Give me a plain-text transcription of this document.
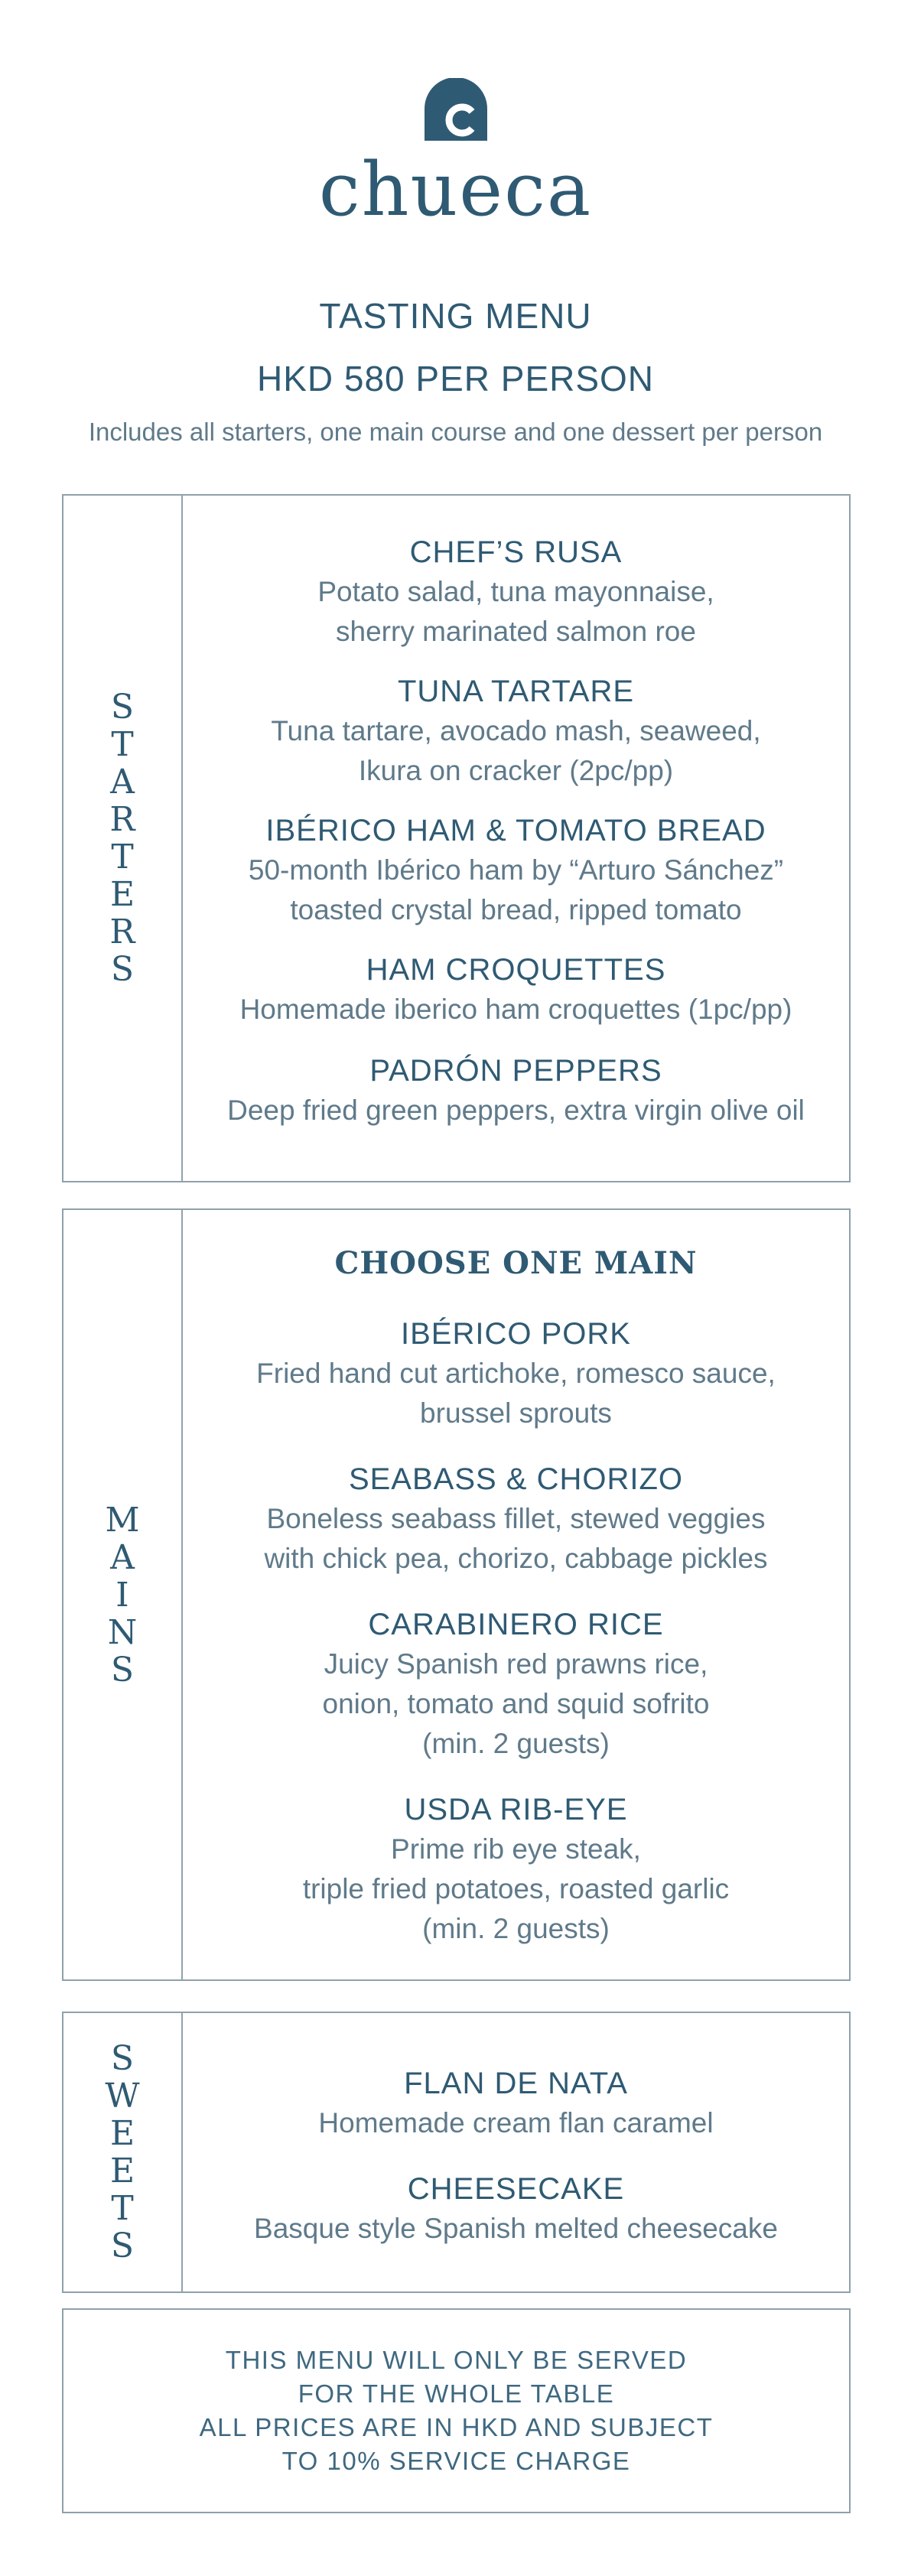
chueca
TASTING MENU
HKD 580 PER PERSON
Includes all starters, one main course and one dessert per person
S
T
A
R
T
E
R
S
CHEF’S RUSA
Potato salad, tuna mayonnaise,
sherry marinated salmon roe
TUNA TARTARE
Tuna tartare, avocado mash, seaweed,
Ikura on cracker (2pc/pp)
IBÉRICO HAM & TOMATO BREAD
50-month Ibérico ham by “Arturo Sánchez”
toasted crystal bread, ripped tomato
HAM CROQUETTES
Homemade iberico ham croquettes (1pc/pp)
PADRÓN PEPPERS
Deep fried green peppers, extra virgin olive oil
M
A
I
N
S
CHOOSE ONE MAIN
IBÉRICO PORK
Fried hand cut artichoke, romesco sauce,
brussel sprouts
SEABASS & CHORIZO
Boneless seabass fillet, stewed veggies
with chick pea, chorizo, cabbage pickles
CARABINERO RICE
Juicy Spanish red prawns rice,
onion, tomato and squid sofrito
(min. 2 guests)
USDA RIB-EYE
Prime rib eye steak,
triple fried potatoes, roasted garlic
(min. 2 guests)
S
W
E
E
T
S
FLAN DE NATA
Homemade cream flan caramel
CHEESECAKE
Basque style Spanish melted cheesecake
THIS MENU WILL ONLY BE SERVED
FOR THE WHOLE TABLE
ALL PRICES ARE IN HKD AND SUBJECT
TO 10% SERVICE CHARGE
